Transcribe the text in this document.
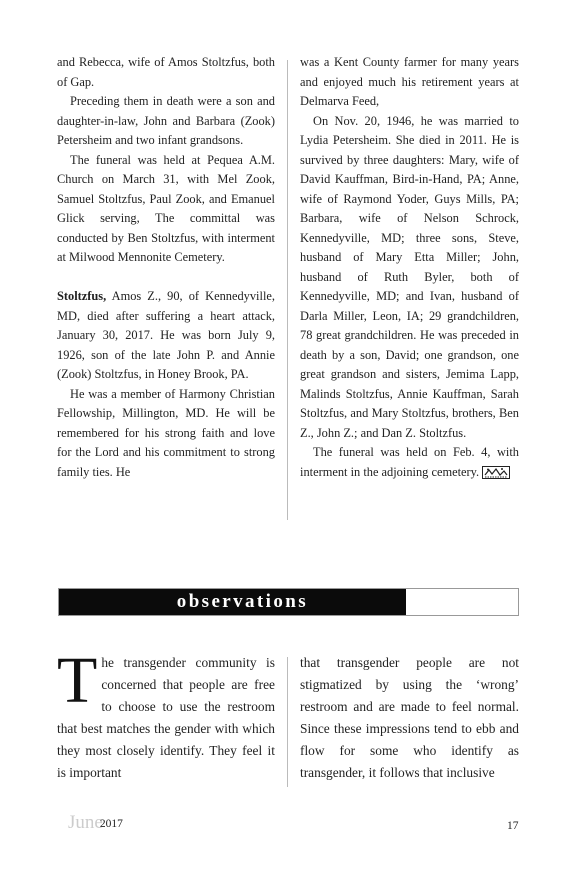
and Rebecca, wife of Amos Stoltzfus, both of Gap.

Preceding them in death were a son and daughter-in-law, John and Barbara (Zook) Petersheim and two infant grandsons.

The funeral was held at Pequea A.M. Church on March 31, with Mel Zook, Samuel Stoltzfus, Paul Zook, and Emanuel Glick serving, The committal was conducted by Ben Stoltzfus, with interment at Milwood Mennonite Cemetery.

Stoltzfus, Amos Z., 90, of Kennedyville, MD, died after suffering a heart attack, January 30, 2017. He was born July 9, 1926, son of the late John P. and Annie (Zook) Stoltzfus, in Honey Brook, PA.

He was a member of Harmony Christian Fellowship, Millington, MD. He will be remembered for his strong faith and love for the Lord and his commitment to strong family ties. He

was a Kent County farmer for many years and enjoyed much his retirement years at Delmarva Feed,

On Nov. 20, 1946, he was married to Lydia Petersheim. She died in 2011. He is survived by three daughters: Mary, wife of David Kauffman, Bird-in-Hand, PA; Anne, wife of Raymond Yoder, Guys Mills, PA; Barbara, wife of Nelson Schrock, Kennedyville, MD; three sons, Steve, husband of Mary Etta Miller; John, husband of Ruth Byler, both of Kennedyville, MD; and Ivan, husband of Darla Miller, Leon, IA; 29 grandchildren, 78 great grandchildren. He was preceded in death by a son, David; one grandson, one great grandson and sisters, Jemima Lapp, Malinds Stoltzfus, Annie Kauffman, Sarah Stoltzfus, and Mary Stoltzfus, brothers, Ben Z., John Z.; and Dan Z. Stoltzfus.

The funeral was held on Feb. 4, with interment in the adjoining cemetery.

observations

The transgender community is concerned that people are free to choose to use the restroom that best matches the gender with which they most closely identify. They feel it is important

that transgender people are not stigmatized by using the ‘wrong’ restroom and are made to feel normal. Since these impressions tend to ebb and flow for some who identify as transgender, it follows that inclusive

June2017	17
